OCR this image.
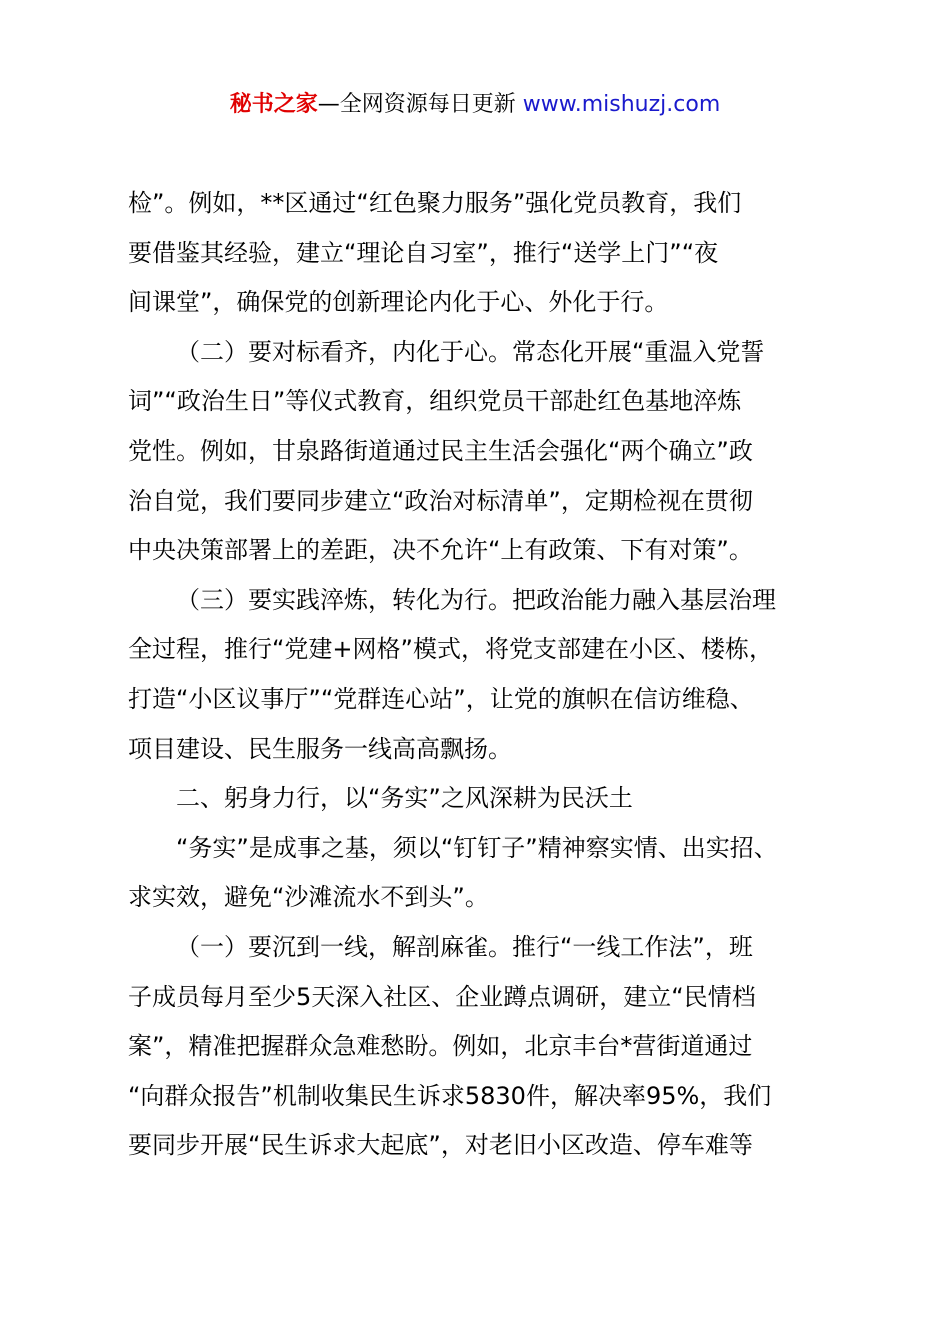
秘书之家—全网资源每日更新 www.mishuzj.com
检”。例如，**区通过“红色聚力服务”强化党员教育，我们
要借鉴其经验，建立“理论自习室”，推行“送学上门”“夜
间课堂”，确保党的创新理论内化于心、外化于行。
（二）要对标看齐，内化于心。常态化开展“重温入党誓
词”“政治生日”等仪式教育，组织党员干部赴红色基地淬炼
党性。例如，甘泉路街道通过民主生活会强化“两个确立”政
治自觉，我们要同步建立“政治对标清单”，定期检视在贯彻
中央决策部署上的差距，决不允许“上有政策、下有对策”。
（三）要实践淬炼，转化为行。把政治能力融入基层治理
全过程，推行“党建+网格”模式，将党支部建在小区、楼栋，
打造“小区议事厅”“党群连心站”，让党的旗帜在信访维稳、
项目建设、民生服务一线高高飘扬。
二、躬身力行，以“务实”之风深耕为民沃土
“务实”是成事之基，须以“钉钉子”精神察实情、出实招、
求实效，避免“沙滩流水不到头”。
（一）要沉到一线，解剖麻雀。推行“一线工作法”，班
子成员每月至少5天深入社区、企业蹲点调研，建立“民情档
案”，精准把握群众急难愁盼。例如，北京丰台*营街道通过
“向群众报告”机制收集民生诉求5830件，解决率95%，我们
要同步开展“民生诉求大起底”，对老旧小区改造、停车难等
